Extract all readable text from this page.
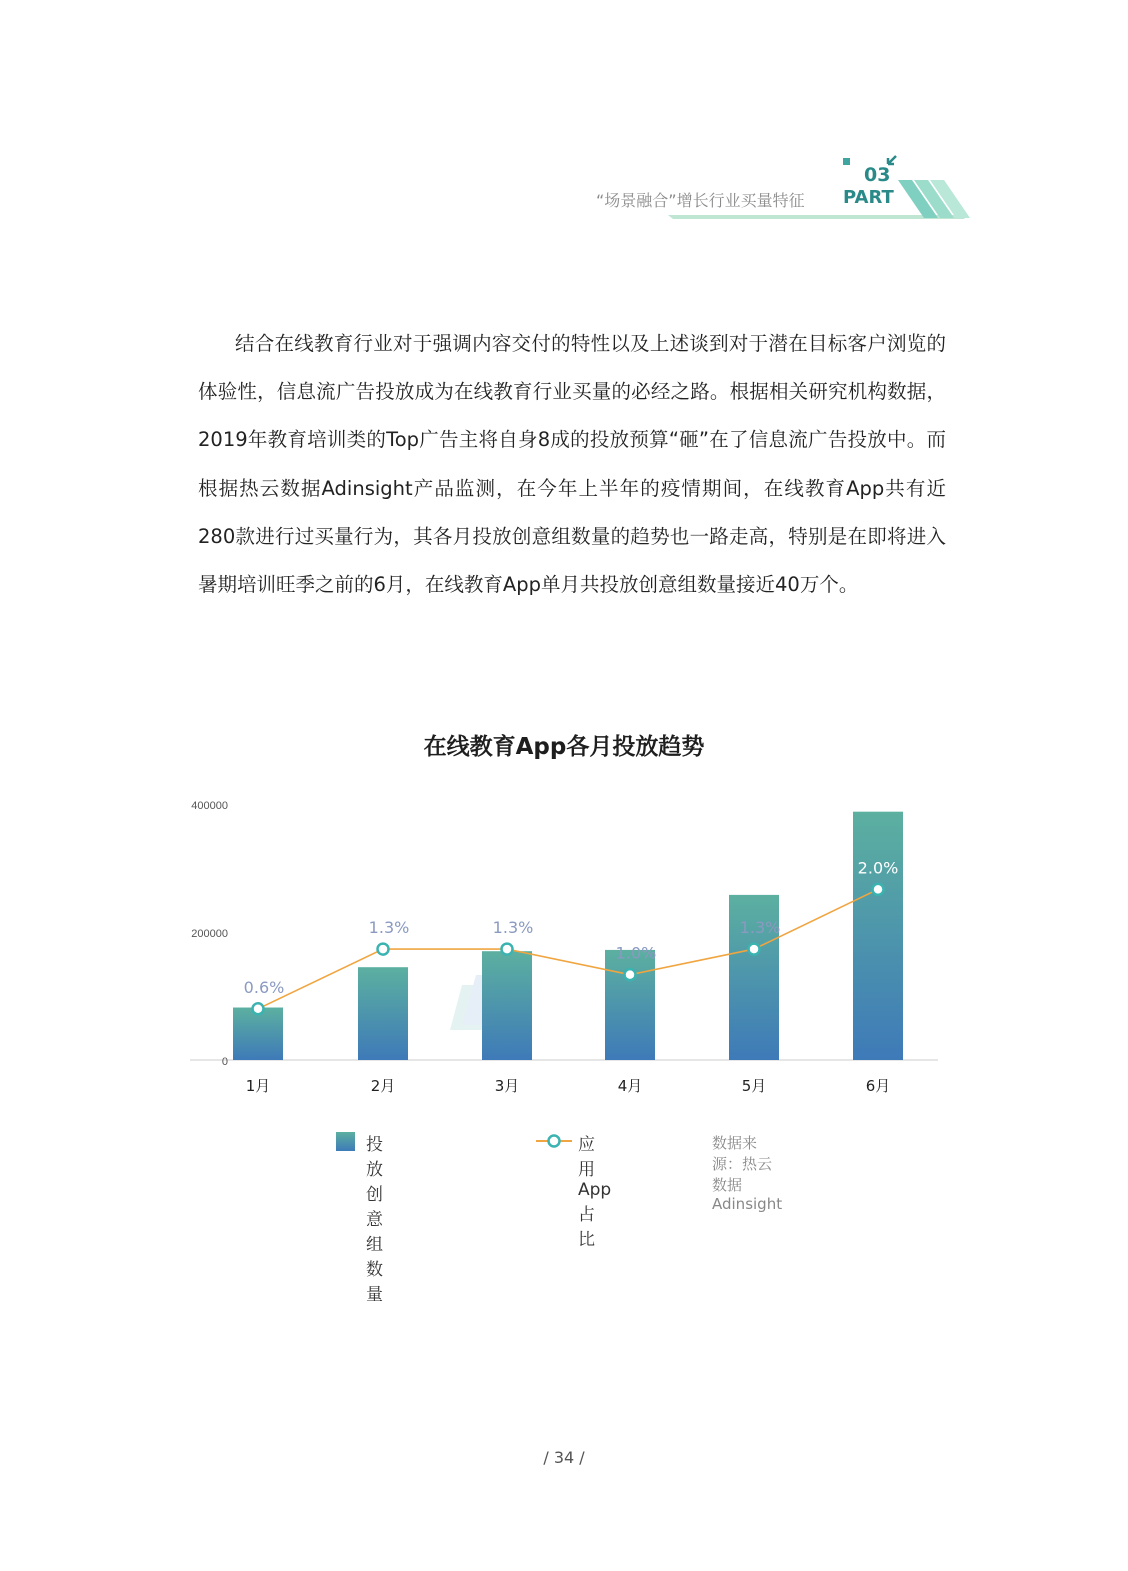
03
PART
“场景融合”增长行业买量特征

结合在线教育行业对于强调内容交付的特性以及上述谈到对于潜在目标客户浏览的体验性，信息流广告投放成为在线教育行业买量的必经之路。根据相关研究机构数据，2019年教育培训类的Top广告主将自身8成的投放预算“砸”在了信息流广告投放中。而根据热云数据Adinsight产品监测，在今年上半年的疫情期间，在线教育App共有近280款进行过买量行为，其各月投放创意组数量的趋势也一路走高，特别是在即将进入暑期培训旺季之前的6月，在线教育App单月共投放创意组数量接近40万个。

在线教育App各月投放趋势
0
200000
400000
1月	2月	3月	4月	5月	6月
0.6%
1.3%	1.3%
1.0%
1.3%
2.0%
投放创意组数量
应用App占比
数据来源：热云数据Adinsight
/ 34 /
